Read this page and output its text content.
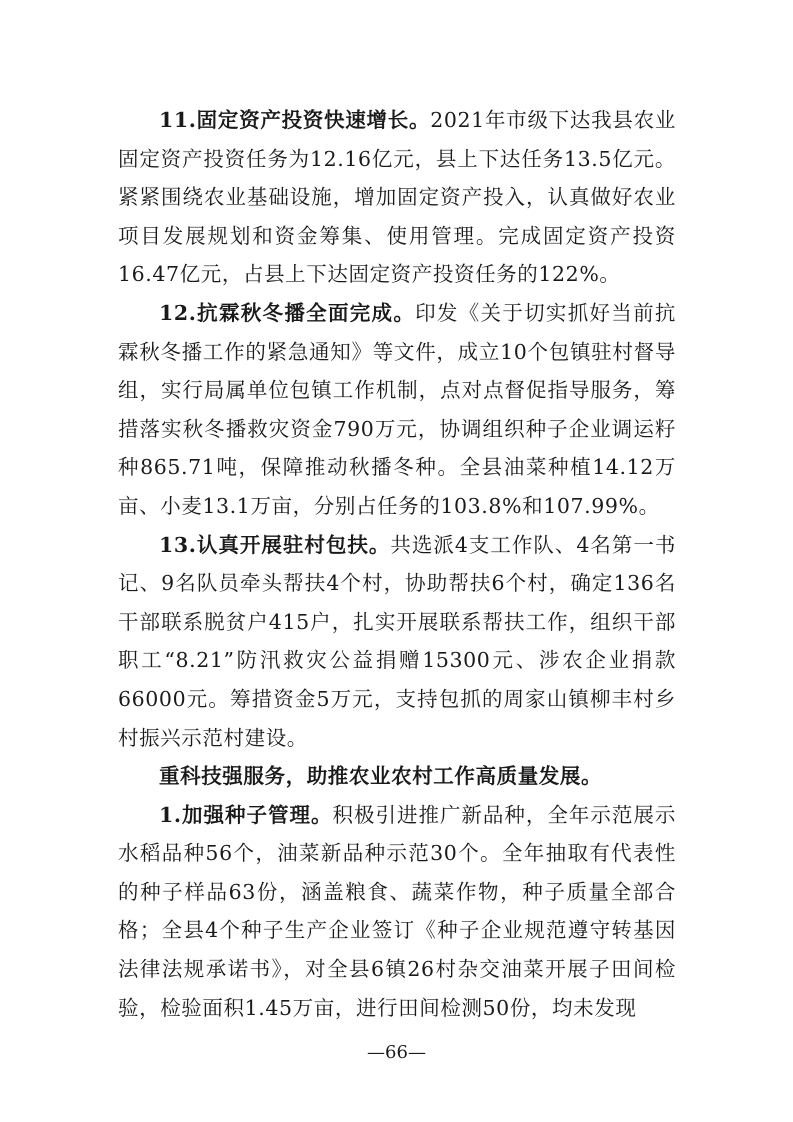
11.固定资产投资快速增长。2021年市级下达我县农业固定资产投资任务为12.16亿元，县上下达任务13.5亿元。紧紧围绕农业基础设施，增加固定资产投入，认真做好农业项目发展规划和资金筹集、使用管理。完成固定资产投资16.47亿元，占县上下达固定资产投资任务的122%。

12.抗霖秋冬播全面完成。印发《关于切实抓好当前抗霖秋冬播工作的紧急通知》等文件，成立10个包镇驻村督导组，实行局属单位包镇工作机制，点对点督促指导服务，筹措落实秋冬播救灾资金790万元，协调组织种子企业调运籽种865.71吨，保障推动秋播冬种。全县油菜种植14.12万亩、小麦13.1万亩，分别占任务的103.8%和107.99%。

13.认真开展驻村包扶。共选派4支工作队、4名第一书记、9名队员牵头帮扶4个村，协助帮扶6个村，确定136名干部联系脱贫户415户，扎实开展联系帮扶工作，组织干部职工“8.21”防汛救灾公益捐赠15300元、涉农企业捐款66000元。筹措资金5万元，支持包抓的周家山镇柳丰村乡村振兴示范村建设。

重科技强服务，助推农业农村工作高质量发展。

1.加强种子管理。积极引进推广新品种，全年示范展示水稻品种56个，油菜新品种示范30个。全年抽取有代表性的种子样品63份，涵盖粮食、蔬菜作物，种子质量全部合格；全县4个种子生产企业签订《种子企业规范遵守转基因法律法规承诺书》，对全县6镇26村杂交油菜开展子田间检验，检验面积1.45万亩，进行田间检测50份，均未发现

—66—
